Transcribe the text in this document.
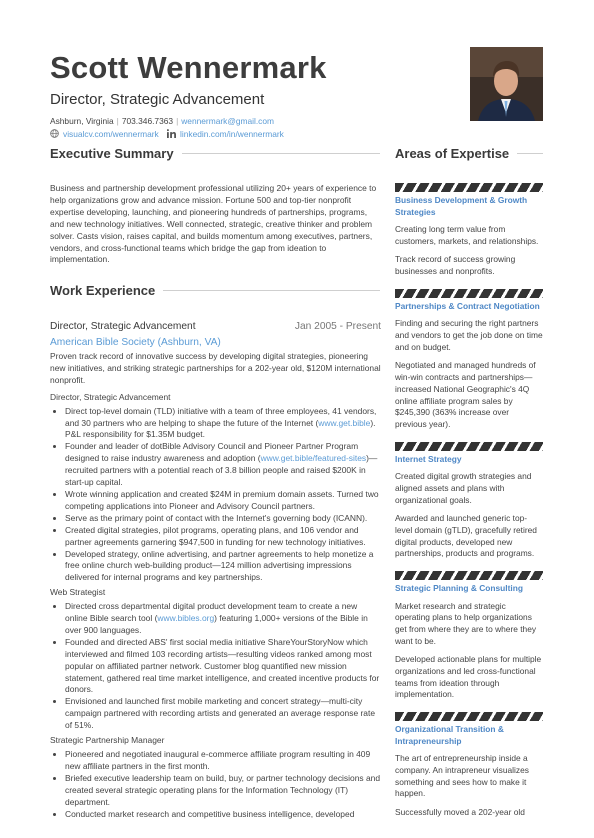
Scott Wennermark
Director, Strategic Advancement
Ashburn, Virginia | 703.346.7363 | wennermark@gmail.com
visualcv.com/wennermark	linkedin.com/in/wennermark
Executive Summary
Business and partnership development professional utilizing 20+ years of experience to help organizations grow and advance mission. Fortune 500 and top-tier nonprofit expertise developing, launching, and pioneering hundreds of partnerships, programs, and new technology initiatives. Well connected, strategic, creative thinker and problem solver. Casts vision, raises capital, and builds momentum among executives, partners, vendors, and cross-functional teams which bridge the gap from ideation to implementation.
Work Experience
Director, Strategic Advancement	Jan 2005 - Present
American Bible Society (Ashburn, VA)
Proven track record of innovative success by developing digital strategies, pioneering new initiatives, and striking strategic partnerships for a 202-year old, $120M international nonprofit.
Director, Strategic Advancement
• Direct top-level domain (TLD) initiative with a team of three employees, 41 vendors, and 30 partners who are helping to shape the future of the Internet (www.get.bible). P&L responsibility for $1.35M budget.
• Founder and leader of dotBible Advisory Council and Pioneer Partner Program designed to raise industry awareness and adoption (www.get.bible/featured-sites)—recruited partners with a potential reach of 3.8 billion people and raised $200K in start-up capital.
• Wrote winning application and created $24M in premium domain assets. Turned two competing applications into Pioneer and Advisory Council partners.
• Serve as the primary point of contact with the Internet's governing body (ICANN).
• Created digital strategies, pilot programs, operating plans, and 106 vendor and partner agreements garnering $947,500 in funding for new technology initiatives.
• Developed strategy, online advertising, and partner agreements to help monetize a free online church web-building product—124 million advertising impressions delivered for internal programs and key partnerships.
Web Strategist
• Directed cross departmental digital product development team to create a new online Bible search tool (www.bibles.org) featuring 1,000+ versions of the Bible in over 900 languages.
• Founded and directed ABS' first social media initiative ShareYourStoryNow which interviewed and filmed 103 recording artists—resulting videos ranked among most popular on affiliated partner network. Customer blog quantified new mission statement, gathered real time market intelligence, and created incentive products for donors.
• Envisioned and launched first mobile marketing and concert strategy—multi-city campaign partnered with recording artists and generated an average response rate of 51%.
Strategic Partnership Manager
• Pioneered and negotiated inaugural e-commerce affiliate program resulting in 409 new affiliate partners in the first month.
• Briefed executive leadership team on build, buy, or partner technology decisions and created several strategic operating plans for the Information Technology (IT) department.
• Conducted market research and competitive business intelligence, developed
Areas of Expertise
Business Development & Growth Strategies

Creating long term value from customers, markets, and relationships.

Track record of success growing businesses and nonprofits.

Partnerships & Contract Negotiation

Finding and securing the right partners and vendors to get the job done on time and on budget.

Negotiated and managed hundreds of win-win contracts and partnerships—increased National Geographic's 4Q online affiliate program sales by $245,390 (363% increase over previous year).

Internet Strategy

Created digital growth strategies and aligned assets and plans with organizational goals.

Awarded and launched generic top-level domain (gTLD), gracefully retired digital products, developed new partnerships, products and programs.

Strategic Planning & Consulting

Market research and strategic operating plans to help organizations get from where they are to where they want to be.

Developed actionable plans for multiple organizations and led cross-functional teams from ideation through implementation.

Organizational Transition & Intrapreneurship

The art of entrepreneurship inside a company. An intrapreneur visualizes something and sees how to make it happen.

Successfully moved a 202-year old
